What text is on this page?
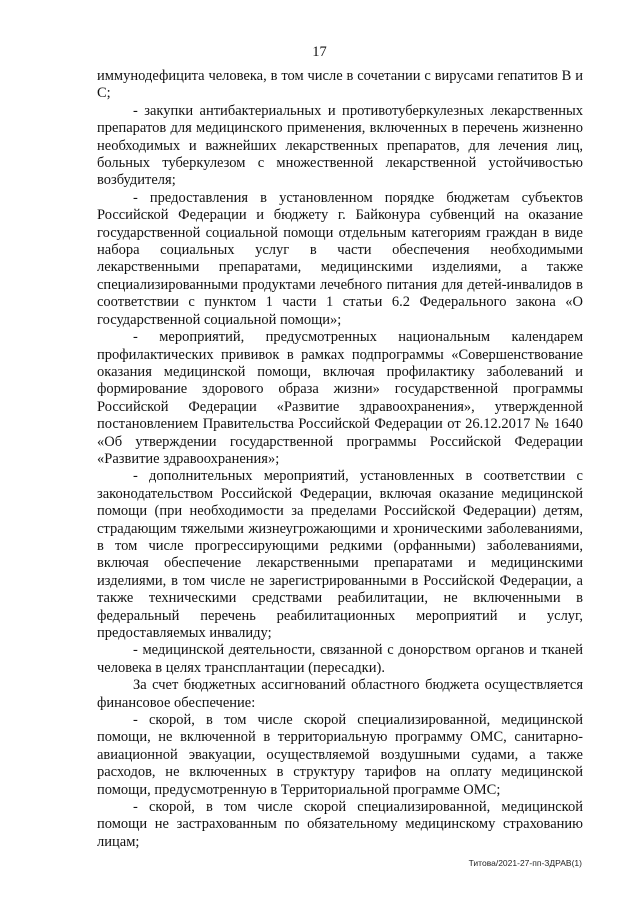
17

иммунодефицита человека, в том числе в сочетании с вирусами гепатитов В и С;

- закупки антибактериальных и противотуберкулезных лекарственных препаратов для медицинского применения, включенных в перечень жизненно необходимых и важнейших лекарственных препаратов, для лечения лиц, больных туберкулезом с множественной лекарственной устойчивостью возбудителя;

- предоставления в установленном порядке бюджетам субъектов Российской Федерации и бюджету г. Байконура субвенций на оказание государственной социальной помощи отдельным категориям граждан в виде набора социальных услуг в части обеспечения необходимыми лекарственными препаратами, медицинскими изделиями, а также специализированными продуктами лечебного питания для детей-инвалидов в соответствии с пунктом 1 части 1 статьи 6.2 Федерального закона «О государственной социальной помощи»;

- мероприятий, предусмотренных национальным календарем профилактических прививок в рамках подпрограммы «Совершенствование оказания медицинской помощи, включая профилактику заболеваний и формирование здорового образа жизни» государственной программы Российской Федерации «Развитие здравоохранения», утвержденной постановлением Правительства Российской Федерации от 26.12.2017 № 1640 «Об утверждении государственной программы Российской Федерации «Развитие здравоохранения»;

- дополнительных мероприятий, установленных в соответствии с законодательством Российской Федерации, включая оказание медицинской помощи (при необходимости за пределами Российской Федерации) детям, страдающим тяжелыми жизнеугрожающими и хроническими заболеваниями, в том числе прогрессирующими редкими (орфанными) заболеваниями, включая обеспечение лекарственными препаратами и медицинскими изделиями, в том числе не зарегистрированными в Российской Федерации, а также техническими средствами реабилитации, не включенными в федеральный перечень реабилитационных мероприятий и услуг, предоставляемых инвалиду;

- медицинской деятельности, связанной с донорством органов и тканей человека в целях трансплантации (пересадки).

За счет бюджетных ассигнований областного бюджета осуществляется финансовое обеспечение:

- скорой, в том числе скорой специализированной, медицинской помощи, не включенной в территориальную программу ОМС, санитарно-авиационной эвакуации, осуществляемой воздушными судами, а также расходов, не включенных в структуру тарифов на оплату медицинской помощи, предусмотренную в Территориальной программе ОМС;

- скорой, в том числе скорой специализированной, медицинской помощи не застрахованным по обязательному медицинскому страхованию лицам;

Титова/2021-27-пп-ЗДРАВ(1)
